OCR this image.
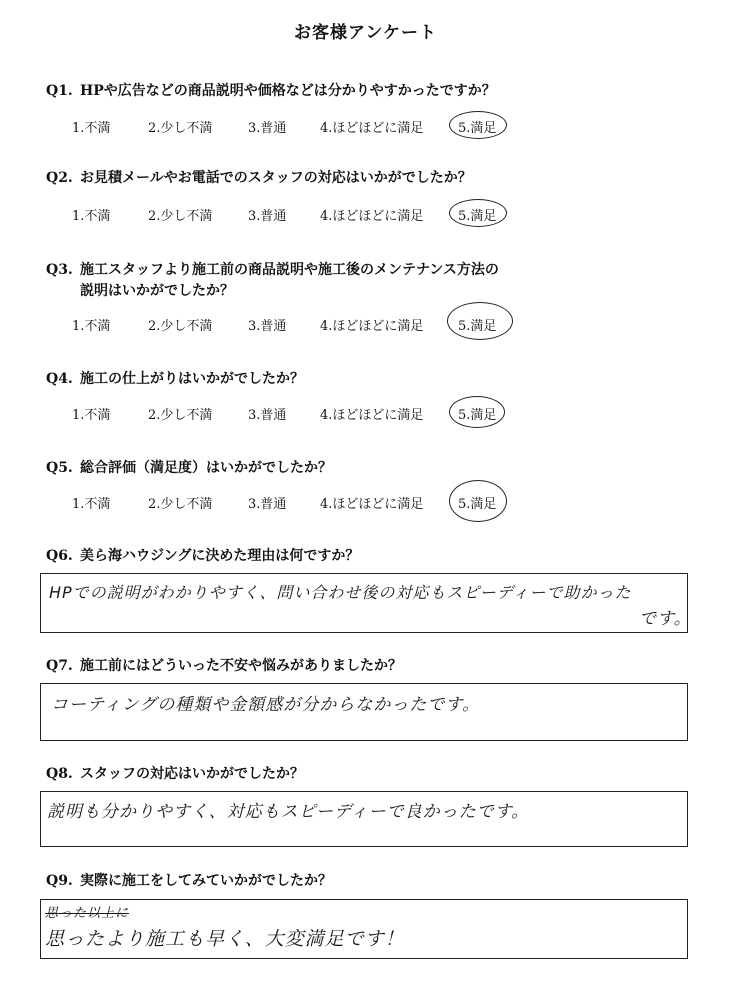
お客様アンケート
Q1. HPや広告などの商品説明や価格などは分かりやすかったですか？
1.不満	2.少し不満	3.普通	4.ほどほどに満足	5.満足
Q2. お見積メールやお電話でのスタッフの対応はいかがでしたか？
1.不満	2.少し不満	3.普通	4.ほどほどに満足	5.満足
Q3. 施工スタッフより施工前の商品説明や施工後のメンテナンス方法の
説明はいかがでしたか？
1.不満	2.少し不満	3.普通	4.ほどほどに満足	5.満足
Q4. 施工の仕上がりはいかがでしたか？
1.不満	2.少し不満	3.普通	4.ほどほどに満足	5.満足
Q5. 総合評価（満足度）はいかがでしたか？
1.不満	2.少し不満	3.普通	4.ほどほどに満足	5.満足
Q6. 美ら海ハウジングに決めた理由は何ですか？
HPでの説明がわかりやすく、問い合わせ後の対応もスピーディーで助かった
です。
Q7. 施工前にはどういった不安や悩みがありましたか？
コーティングの種類や金額感が分からなかったです。
Q8. スタッフの対応はいかがでしたか？
説明も分かりやすく、対応もスピーディーで良かったです。
Q9. 実際に施工をしてみていかがでしたか？
思った以上に
思ったより施工も早く、大変満足です！
